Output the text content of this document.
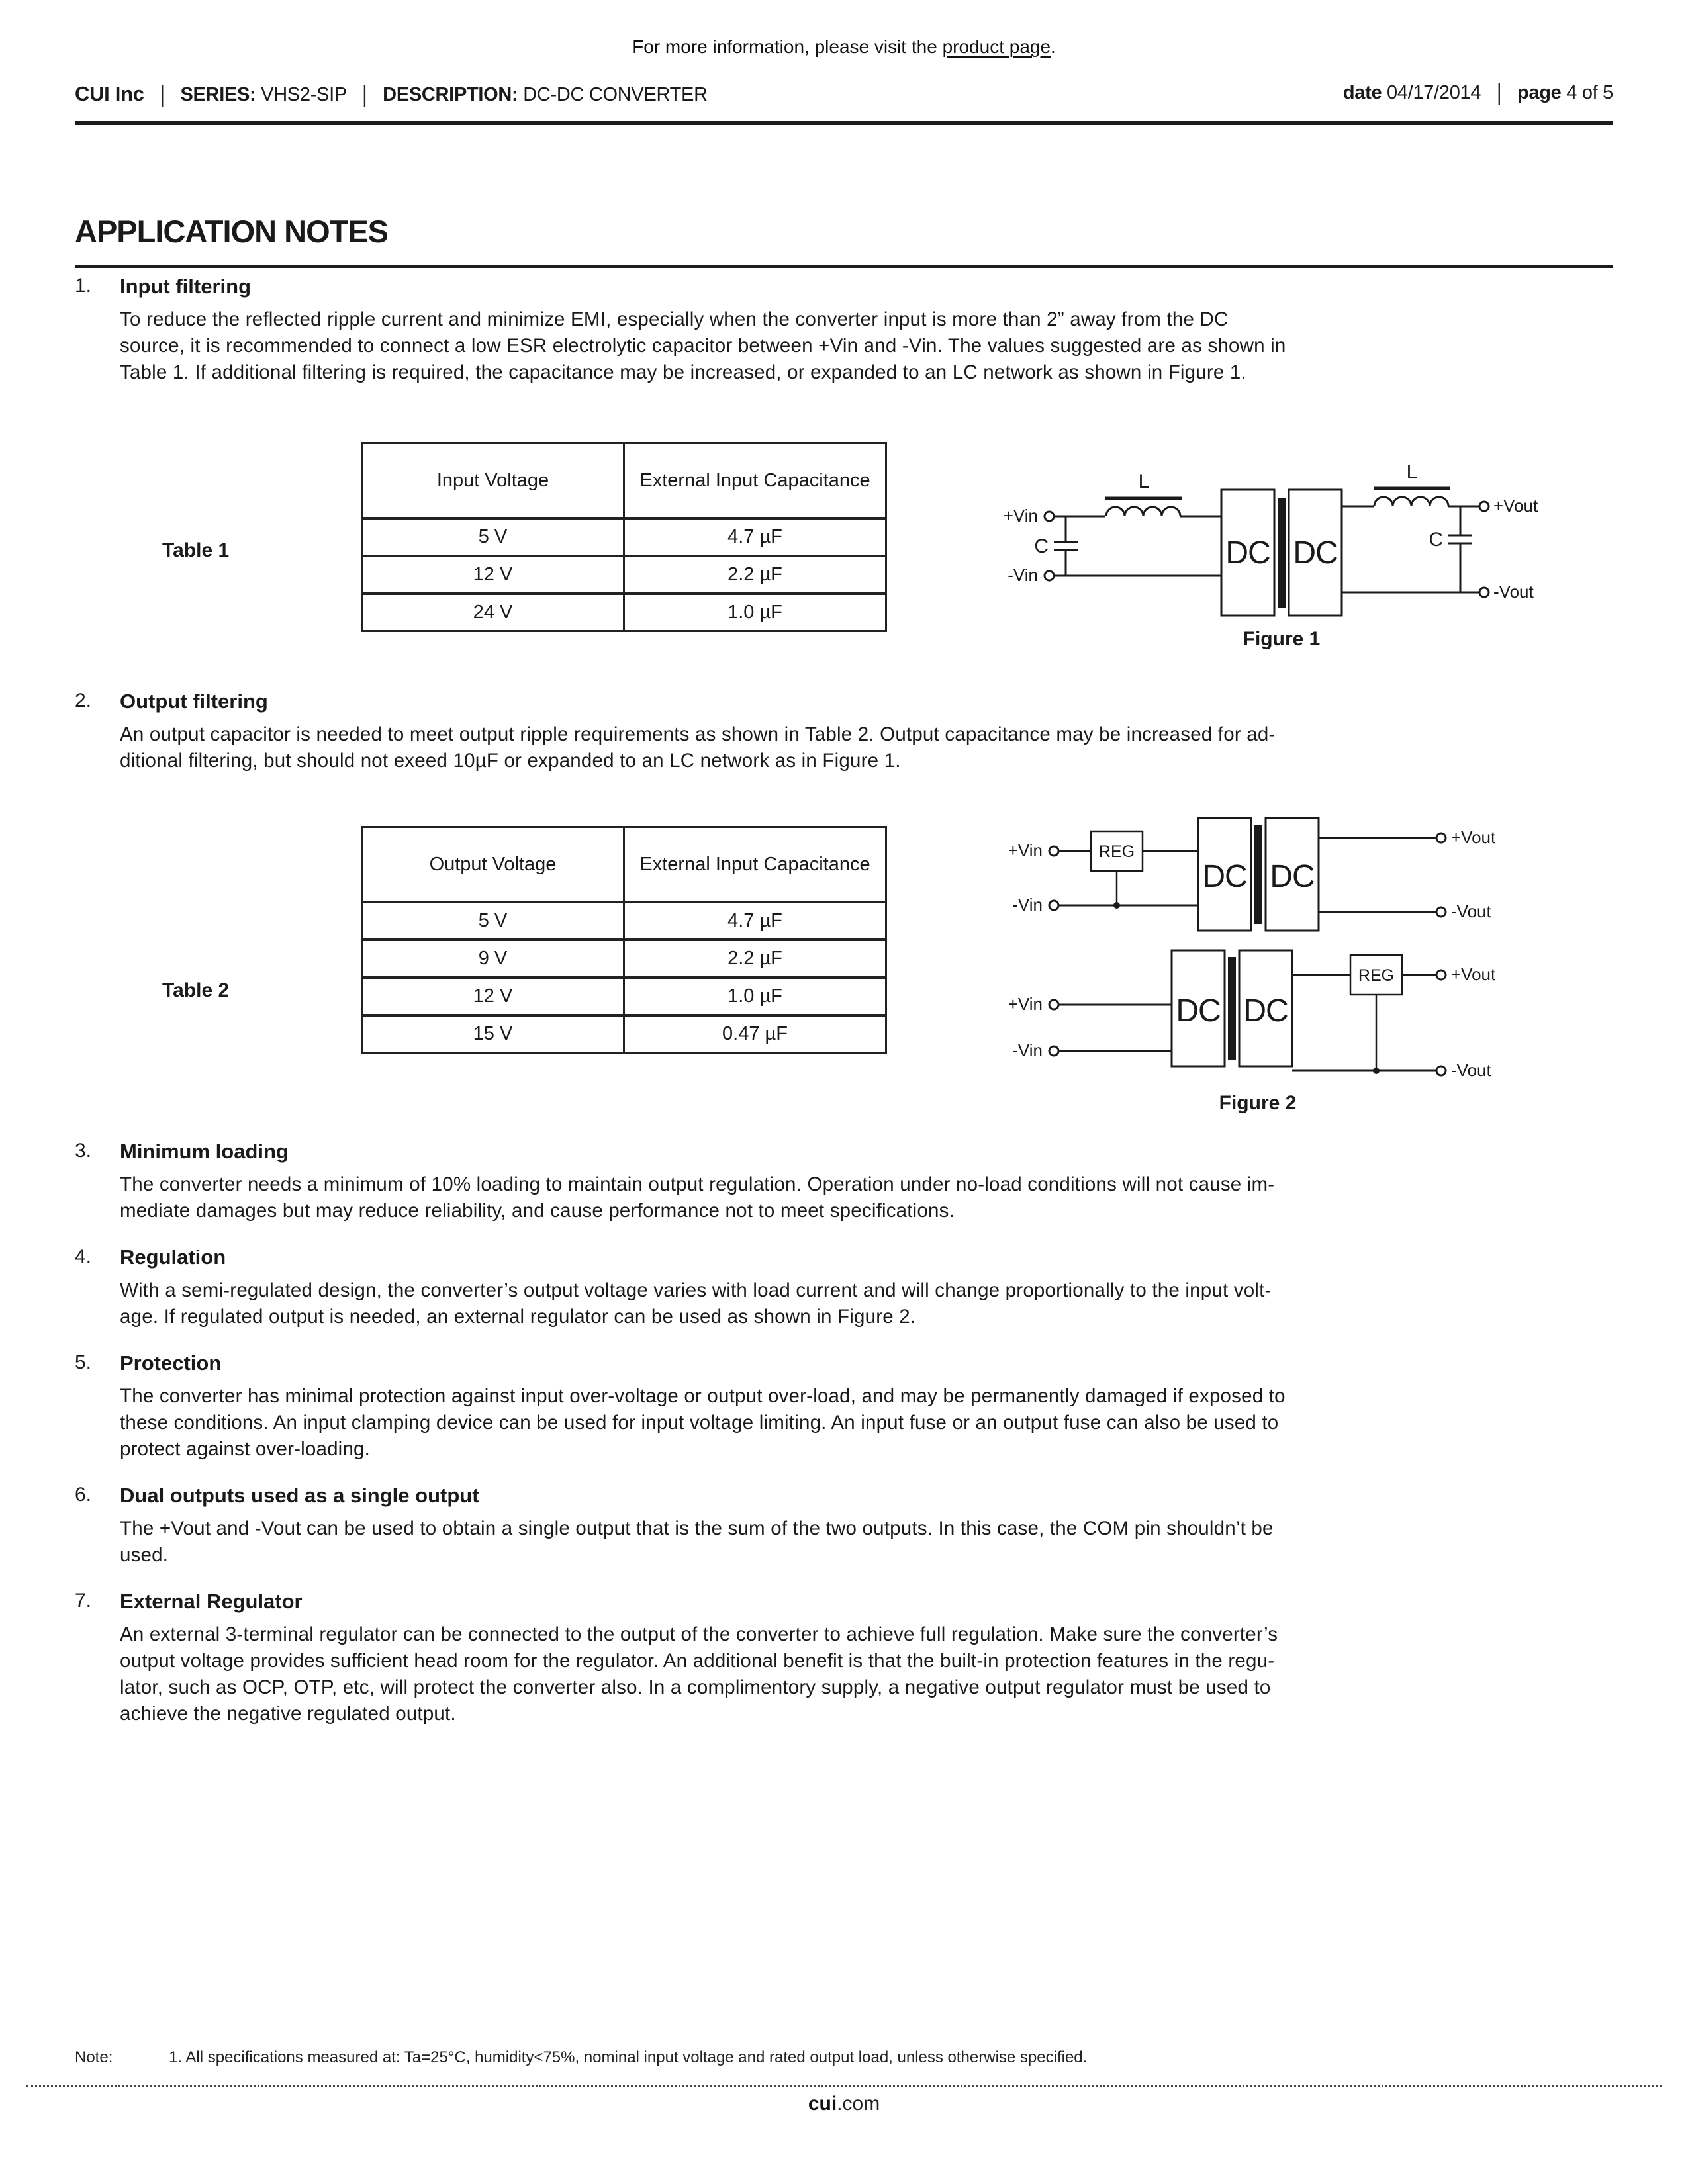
For more information, please visit the product page.
CUI Inc | SERIES: VHS2-SIP | DESCRIPTION: DC-DC CONVERTER	date 04/17/2014 | page 4 of 5
APPLICATION NOTES
1. Input filtering
To reduce the reflected ripple current and minimize EMI, especially when the converter input is more than 2” away from the DC
source, it is recommended to connect a low ESR electrolytic capacitor between +Vin and -Vin. The values suggested are as shown in
Table 1. If additional filtering is required, the capacitance may be increased, or expanded to an LC network as shown in Figure 1.
Table 1
Input Voltage	External Input Capacitance
5 V	4.7 µF
12 V	2.2 µF
24 V	1.0 µF
+Vin
-Vin
C
L
DC DC
L
C
+Vout
-Vout
Figure 1
2. Output filtering
An output capacitor is needed to meet output ripple requirements as shown in Table 2. Output capacitance may be increased for ad-
ditional filtering, but should not exeed 10µF or expanded to an LC network as in Figure 1.
Table 2
Output Voltage	External Input Capacitance
5 V	4.7 µF
9 V	2.2 µF
12 V	1.0 µF
15 V	0.47 µF
+Vin	REG
-Vin
DC DC
+Vout
-Vout
+Vin
-Vin
DC DC
REG	+Vout
-Vout
Figure 2
3. Minimum loading
The converter needs a minimum of 10% loading to maintain output regulation. Operation under no-load conditions will not cause im-
mediate damages but may reduce reliability, and cause performance not to meet specifications.
4. Regulation
With a semi-regulated design, the converter’s output voltage varies with load current and will change proportionally to the input volt-
age. If regulated output is needed, an external regulator can be used as shown in Figure 2.
5. Protection
The converter has minimal protection against input over-voltage or output over-load, and may be permanently damaged if exposed to
these conditions. An input clamping device can be used for input voltage limiting. An input fuse or an output fuse can also be used to
protect against over-loading.
6. Dual outputs used as a single output
The +Vout and -Vout can be used to obtain a single output that is the sum of the two outputs. In this case, the COM pin shouldn’t be
used.
7. External Regulator
An external 3-terminal regulator can be connected to the output of the converter to achieve full regulation. Make sure the converter’s
output voltage provides sufficient head room for the regulator. An additional benefit is that the built-in protection features in the regu-
lator, such as OCP, OTP, etc, will protect the converter also. In a complimentory supply, a negative output regulator must be used to
achieve the negative regulated output.
Note:	1. All specifications measured at: Ta=25°C, humidity<75%, nominal input voltage and rated output load, unless otherwise specified.
cui.com
